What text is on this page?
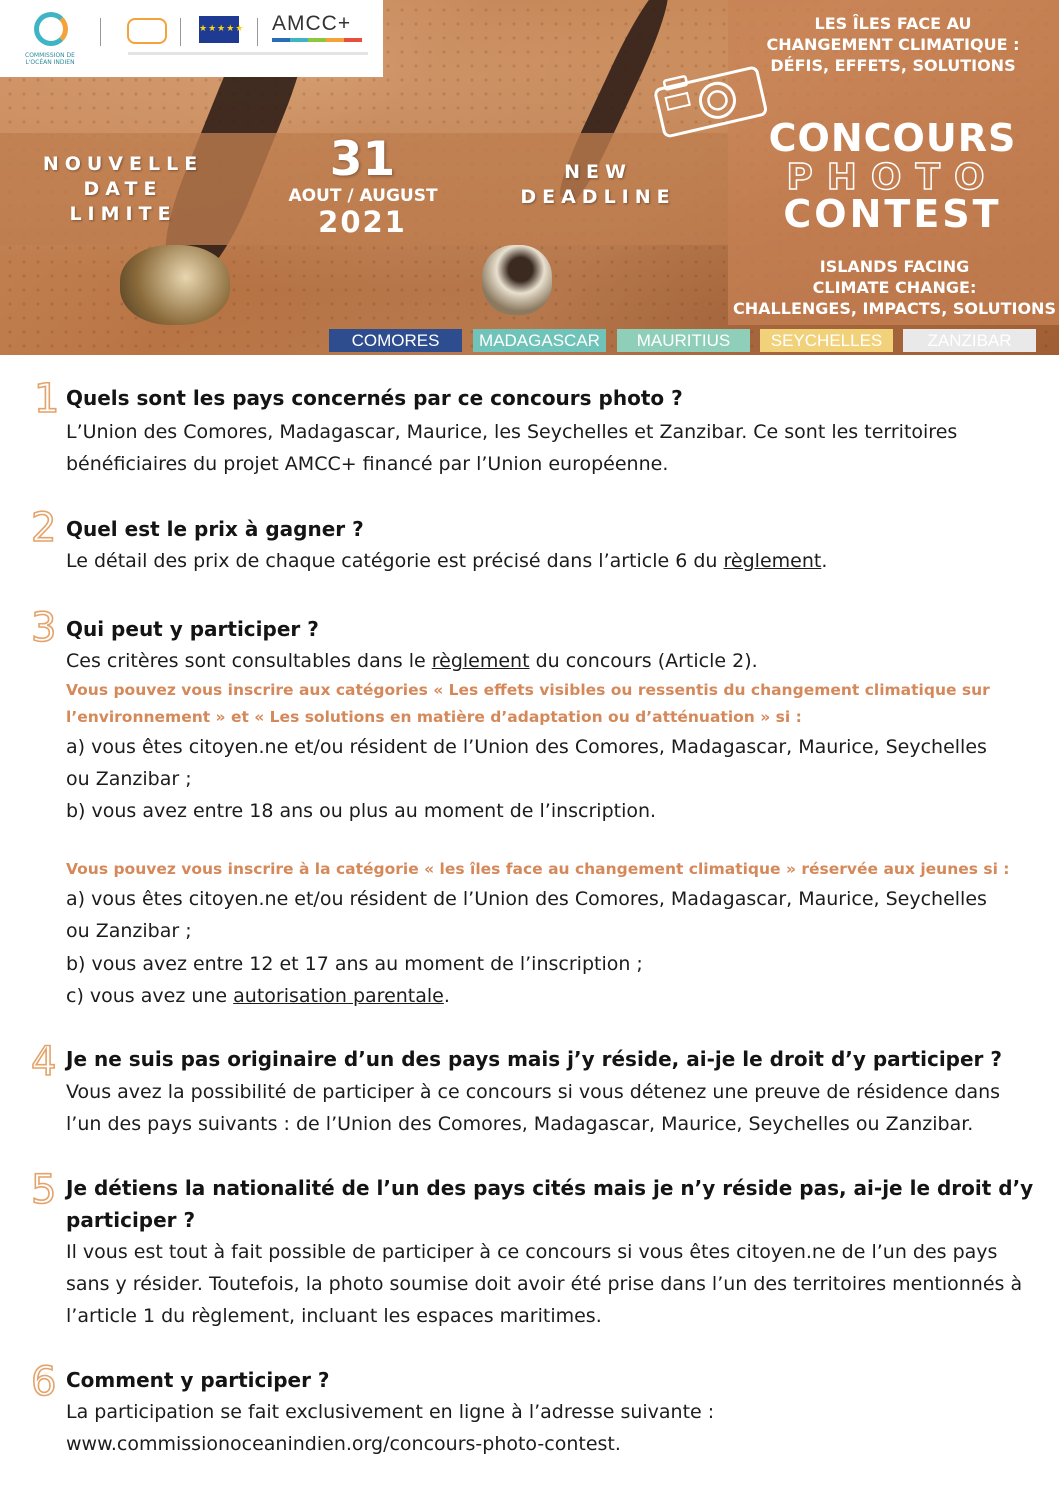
COMMISSION DE
L'OCÉAN INDIEN
★★★★★ AMCC+
NOUVELLE
DATE
LIMITE
31
AOUT / AUGUST
2021
NEW
DEADLINE
LES ÎLES FACE AU
CHANGEMENT CLIMATIQUE :
DÉFIS, EFFETS, SOLUTIONS
CONCOURS
PHOTO
CONTEST
ISLANDS FACING
CLIMATE CHANGE:
CHALLENGES, IMPACTS, SOLUTIONS
COMORES	MADAGASCAR	MAURITIUS	SEYCHELLES	ZANZIBAR
1 Quels sont les pays concernés par ce concours photo ?
L’Union des Comores, Madagascar, Maurice, les Seychelles et Zanzibar. Ce sont les territoires
bénéficiaires du projet AMCC+ financé par l’Union européenne.
2 Quel est le prix à gagner ?
Le détail des prix de chaque catégorie est précisé dans l’article 6 du règlement.
3 Qui peut y participer ?
Ces critères sont consultables dans le règlement du concours (Article 2).
Vous pouvez vous inscrire aux catégories « Les effets visibles ou ressentis du changement climatique sur
l’environnement » et « Les solutions en matière d’adaptation ou d’atténuation » si :
a) vous êtes citoyen.ne et/ou résident de l’Union des Comores, Madagascar, Maurice, Seychelles
ou Zanzibar ;
b) vous avez entre 18 ans ou plus au moment de l’inscription.
Vous pouvez vous inscrire à la catégorie « les îles face au changement climatique » réservée aux jeunes si :
a) vous êtes citoyen.ne et/ou résident de l’Union des Comores, Madagascar, Maurice, Seychelles
ou Zanzibar ;
b) vous avez entre 12 et 17 ans au moment de l’inscription ;
c) vous avez une autorisation parentale.
4 Je ne suis pas originaire d’un des pays mais j’y réside, ai-je le droit d’y participer ?
Vous avez la possibilité de participer à ce concours si vous détenez une preuve de résidence dans
l’un des pays suivants : de l’Union des Comores, Madagascar, Maurice, Seychelles ou Zanzibar.
5 Je détiens la nationalité de l’un des pays cités mais je n’y réside pas, ai-je le droit d’y
participer ?
Il vous est tout à fait possible de participer à ce concours si vous êtes citoyen.ne de l’un des pays
sans y résider. Toutefois, la photo soumise doit avoir été prise dans l’un des territoires mentionnés à
l’article 1 du règlement, incluant les espaces maritimes.
6 Comment y participer ?
La participation se fait exclusivement en ligne à l’adresse suivante :
www.commissionoceanindien.org/concours-photo-contest.
